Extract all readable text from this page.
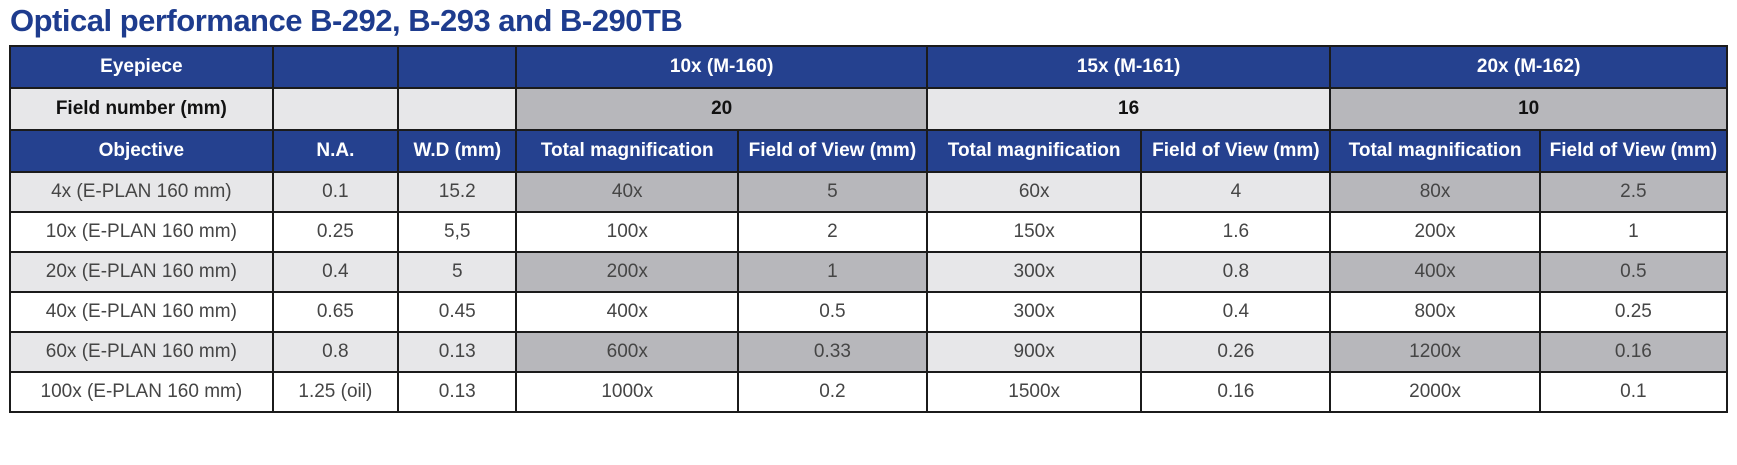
Optical performance B-292, B-293 and B-290TB
Eyepiece			10x (M-160)		15x (M-161)		20x (M-162)	
Field number (mm)			20		16		10	
Objective	N.A.	W.D (mm)	Total magnification	Field of View (mm)	Total magnification	Field of View (mm)	Total magnification	Field of View (mm)
4x (E-PLAN 160 mm)	0.1	15.2	40x	5	60x	4	80x	2.5
10x (E-PLAN 160 mm)	0.25	5,5	100x	2	150x	1.6	200x	1
20x (E-PLAN 160 mm)	0.4	5	200x	1	300x	0.8	400x	0.5
40x (E-PLAN 160 mm)	0.65	0.45	400x	0.5	300x	0.4	800x	0.25
60x (E-PLAN 160 mm)	0.8	0.13	600x	0.33	900x	0.26	1200x	0.16
100x (E-PLAN 160 mm)	1.25 (oil)	0.13	1000x	0.2	1500x	0.16	2000x	0.1
